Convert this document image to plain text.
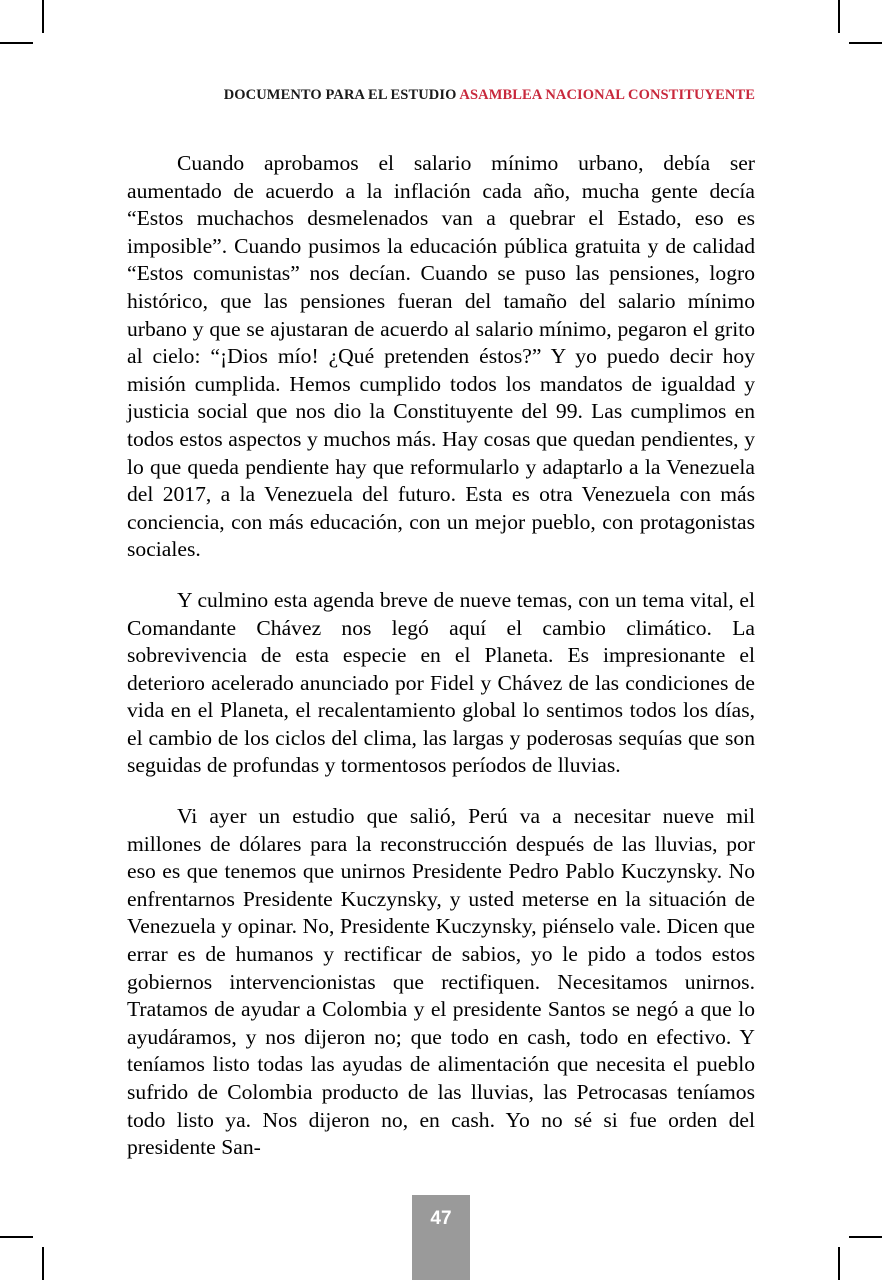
DOCUMENTO PARA EL ESTUDIO ASAMBLEA NACIONAL CONSTITUYENTE

Cuando aprobamos el salario mínimo urbano, debía ser aumentado de acuerdo a la inflación cada año, mucha gente decía “Estos muchachos desmelenados van a quebrar el Estado, eso es imposible”. Cuando pusimos la educación pública gratuita y de calidad “Estos comunistas” nos decían. Cuando se puso las pensiones, logro histórico, que las pensiones fueran del tamaño del salario mínimo urbano y que se ajustaran de acuerdo al salario mínimo, pegaron el grito al cielo: “¡Dios mío! ¿Qué pretenden éstos?” Y yo puedo decir hoy misión cumplida. Hemos cumplido todos los mandatos de igualdad y justicia social que nos dio la Constituyente del 99. Las cumplimos en todos estos aspectos y muchos más. Hay cosas que quedan pendientes, y lo que queda pendiente hay que reformularlo y adaptarlo a la Venezuela del 2017, a la Venezuela del futuro. Esta es otra Venezuela con más conciencia, con más educación, con un mejor pueblo, con protagonistas sociales.

Y culmino esta agenda breve de nueve temas, con un tema vital, el Comandante Chávez nos legó aquí el cambio climático. La sobrevivencia de esta especie en el Planeta. Es impresionante el deterioro acelerado anunciado por Fidel y Chávez de las condiciones de vida en el Planeta, el recalentamiento global lo sentimos todos los días, el cambio de los ciclos del clima, las largas y poderosas sequías que son seguidas de profundas y tormentosos períodos de lluvias.

Vi ayer un estudio que salió, Perú va a necesitar nueve mil millones de dólares para la reconstrucción después de las lluvias, por eso es que tenemos que unirnos Presidente Pedro Pablo Kuczynsky. No enfrentarnos Presidente Kuczynsky, y usted meterse en la situación de Venezuela y opinar. No, Presidente Kuczynsky, piénselo vale. Dicen que errar es de humanos y rectificar de sabios, yo le pido a todos estos gobiernos intervencionistas que rectifiquen. Necesitamos unirnos. Tratamos de ayudar a Colombia y el presidente Santos se negó a que lo ayudáramos, y nos dijeron no; que todo en cash, todo en efectivo. Y teníamos listo todas las ayudas de alimentación que necesita el pueblo sufrido de Colombia producto de las lluvias, las Petrocasas teníamos todo listo ya. Nos dijeron no, en cash. Yo no sé si fue orden del presidente San-

47
